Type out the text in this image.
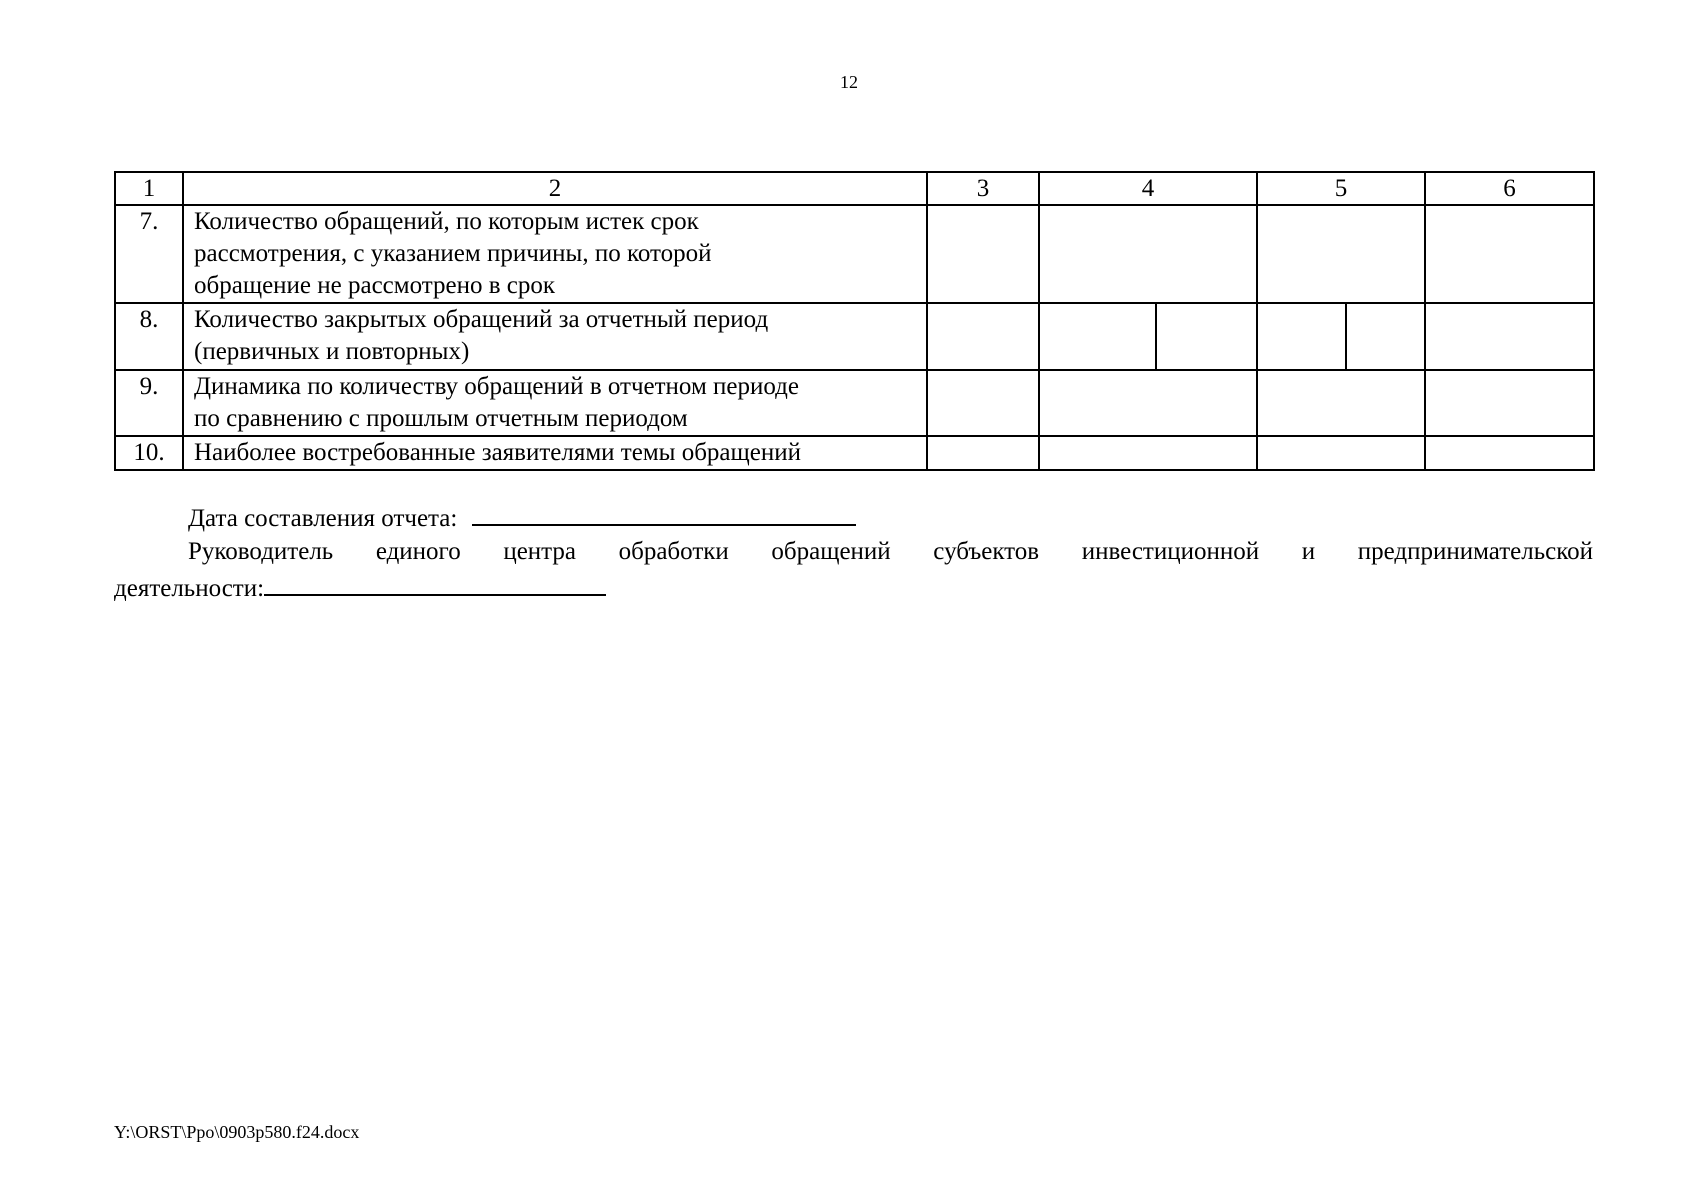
12
1	2	3	4	5	6
7.	Количество обращений, по которым истек срок
рассмотрения, с указанием причины, по которой
обращение не рассмотрено в срок				

8.	Количество закрытых обращений за отчетный период
(первичных и повторных)				

9.	Динамика по количеству обращений в отчетном периоде
по сравнению с прошлым отчетным периодом				

10.	Наиболее востребованные заявителями темы обращений				

Дата составления отчета:
Руководитель единого центра обработки обращений субъектов инвестиционной и предпринимательской
деятельности:
Y:\ORST\Ppo\0903p580.f24.docx
